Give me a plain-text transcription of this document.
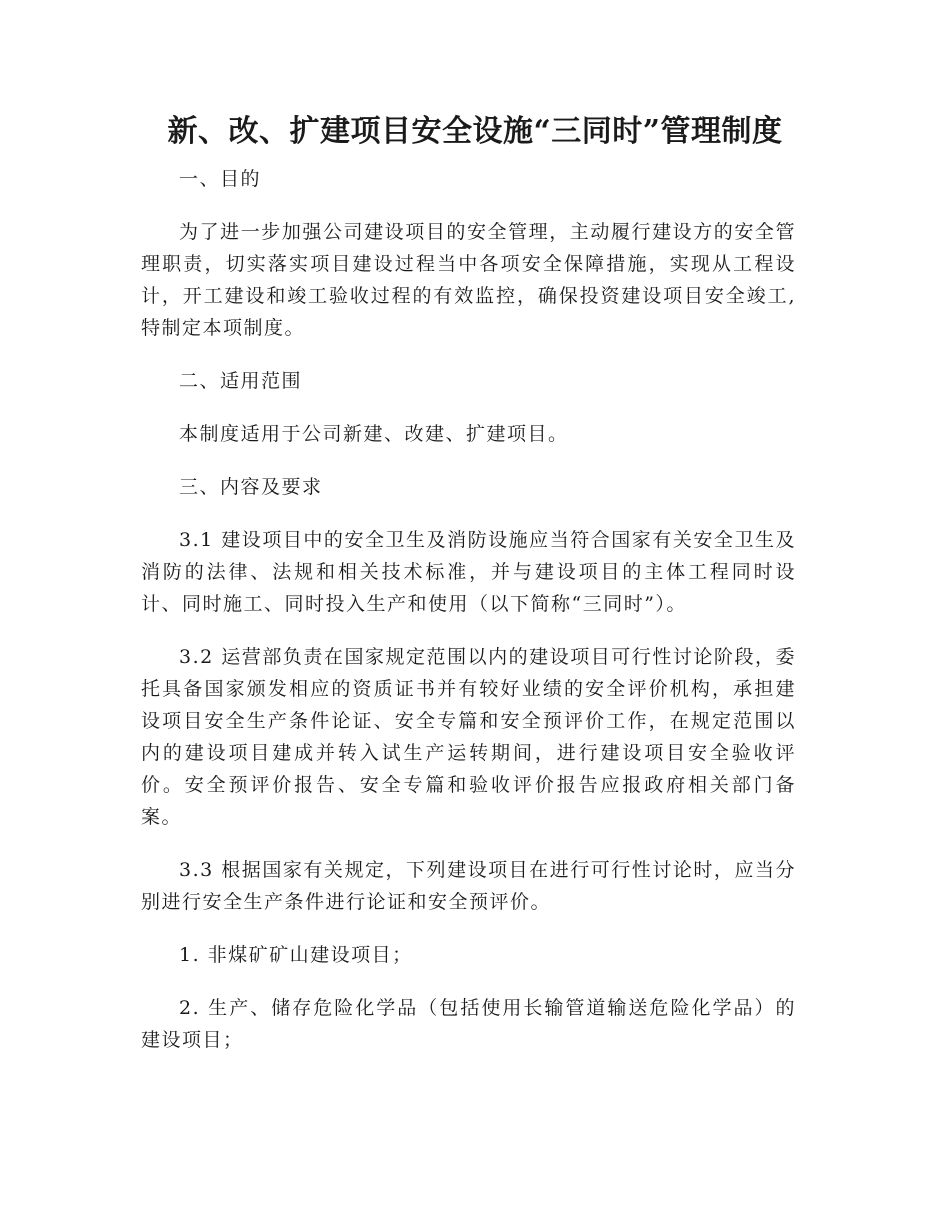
新、改、扩建项目安全设施“三同时”管理制度

一、目的

为了进一步加强公司建设项目的安全管理，主动履行建设方的安全管理职责，切实落实项目建设过程当中各项安全保障措施，实现从工程设计，开工建设和竣工验收过程的有效监控，确保投资建设项目安全竣工,特制定本项制度。

二、适用范围

本制度适用于公司新建、改建、扩建项目。

三、内容及要求

3.1 建设项目中的安全卫生及消防设施应当符合国家有关安全卫生及消防的法律、法规和相关技术标准，并与建设项目的主体工程同时设计、同时施工、同时投入生产和使用（以下简称“三同时”）。

3.2 运营部负责在国家规定范围以内的建设项目可行性讨论阶段，委托具备国家颁发相应的资质证书并有较好业绩的安全评价机构，承担建设项目安全生产条件论证、安全专篇和安全预评价工作，在规定范围以内的建设项目建成并转入试生产运转期间，进行建设项目安全验收评价。安全预评价报告、安全专篇和验收评价报告应报政府相关部门备案。

3.3 根据国家有关规定，下列建设项目在进行可行性讨论时，应当分别进行安全生产条件进行论证和安全预评价。

1. 非煤矿矿山建设项目；

2. 生产、储存危险化学品（包括使用长输管道输送危险化学品）的建设项目；
